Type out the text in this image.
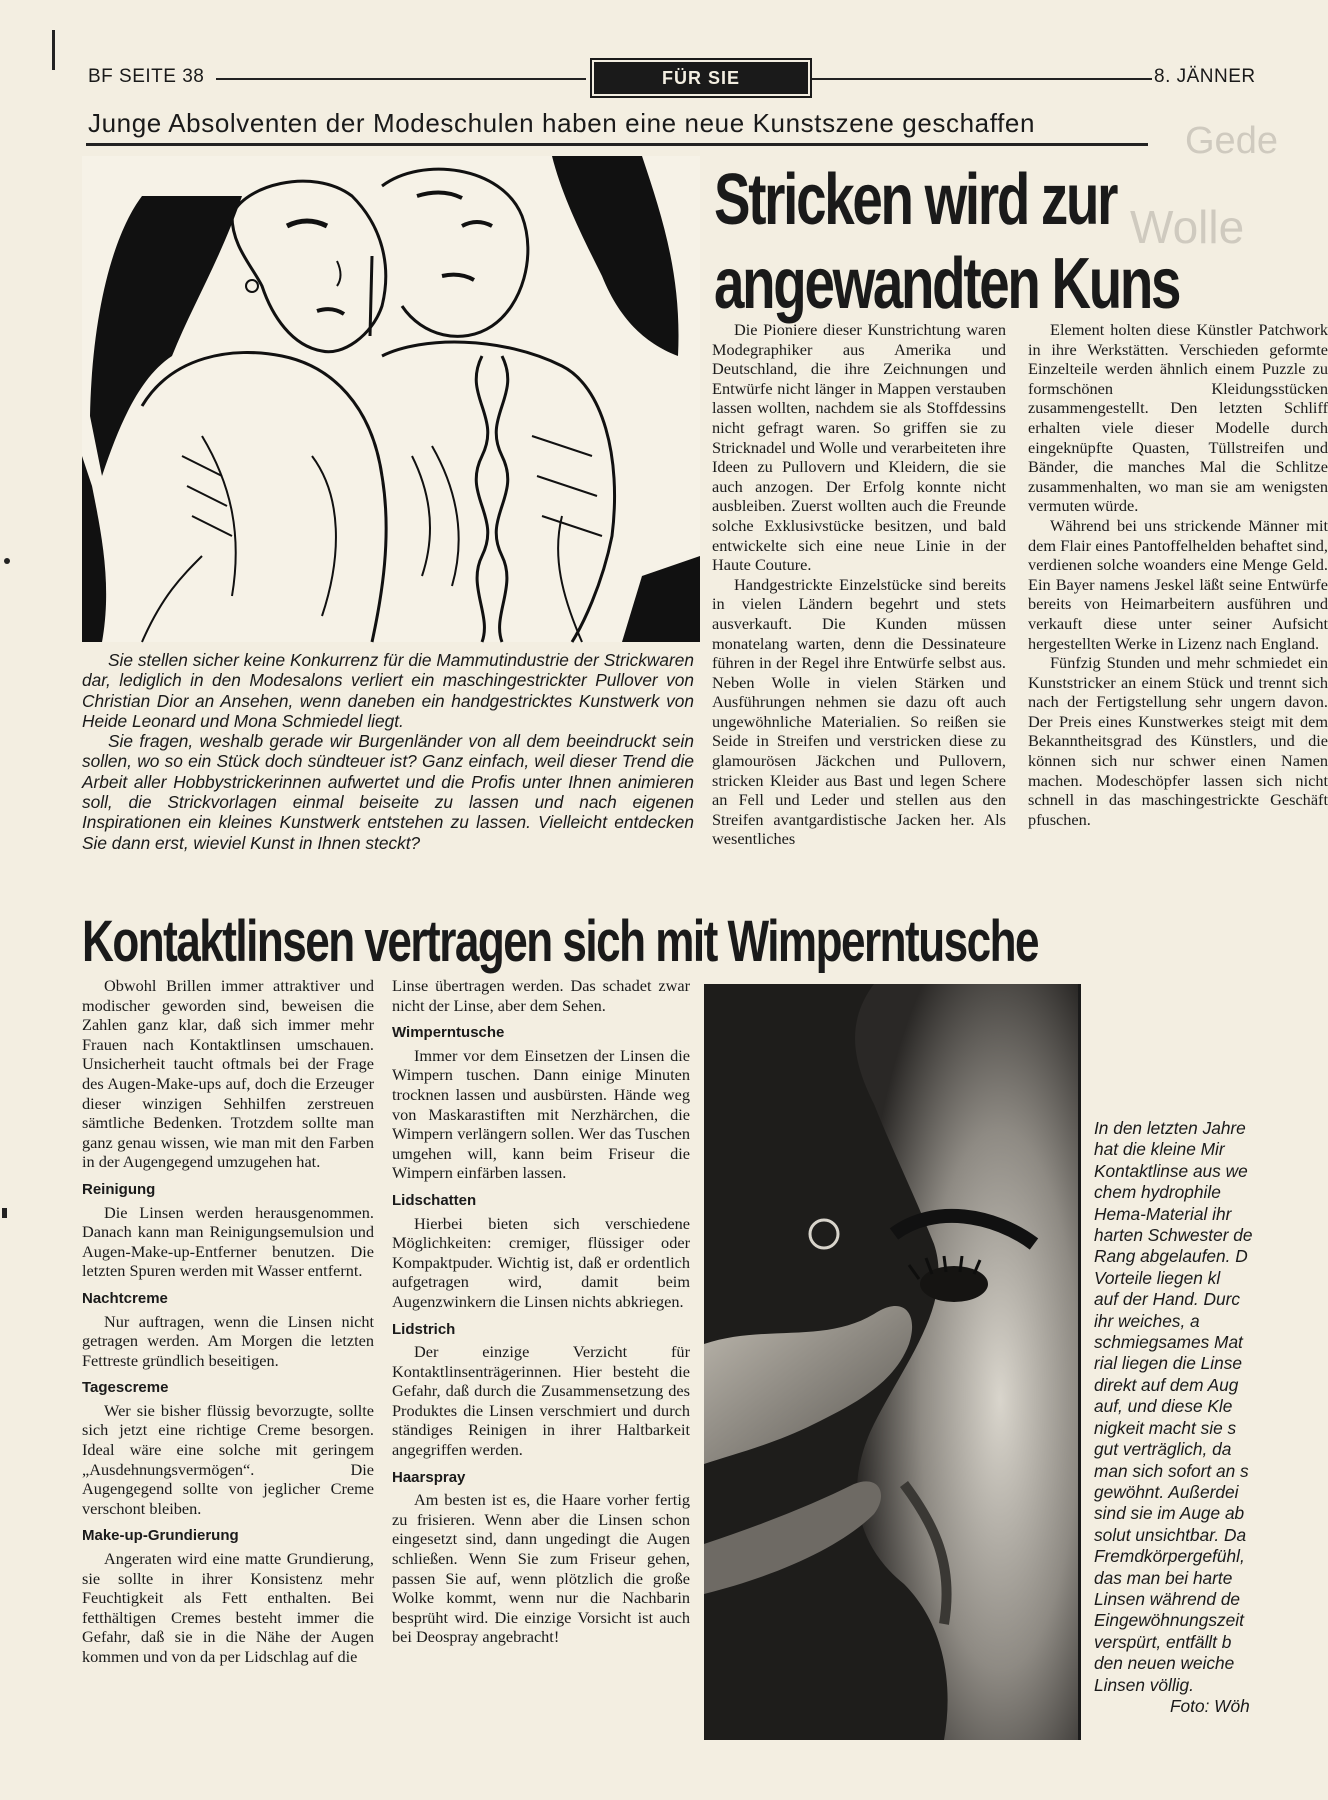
BF SEITE 38	FÜR SIE	8. JÄNNER
Junge Absolventen der Modeschulen haben eine neue Kunstszene geschaffen	Gede
Wolle

Sie stellen sicher keine Konkurrenz für die Mammutindustrie der Strickwaren dar, lediglich in den Modesalons verliert ein maschingestrickter Pullover von Christian Dior an Ansehen, wenn daneben ein handgestricktes Kunstwerk von Heide Leonard und Mona Schmiedel liegt.

Sie fragen, weshalb gerade wir Burgenländer von all dem beeindruckt sein sollen, wo so ein Stück doch sündteuer ist? Ganz einfach, weil dieser Trend die Arbeit aller Hobbystrickerinnen aufwertet und die Profis unter Ihnen animieren soll, die Strickvorlagen einmal beiseite zu lassen und nach eigenen Inspirationen ein kleines Kunstwerk entstehen zu lassen. Vielleicht entdecken Sie dann erst, wieviel Kunst in Ihnen steckt?

Stricken wird zur
angewandten Kuns

Die Pioniere dieser Kunstrichtung waren Modegraphiker aus Amerika und Deutschland, die ihre Zeichnungen und Entwürfe nicht länger in Mappen verstauben lassen wollten, nachdem sie als Stoffdessins nicht gefragt waren. So griffen sie zu Stricknadel und Wolle und verarbeiteten ihre Ideen zu Pullovern und Kleidern, die sie auch anzogen. Der Erfolg konnte nicht ausbleiben. Zuerst wollten auch die Freunde solche Exklusivstücke besitzen, und bald entwickelte sich eine neue Linie in der Haute Couture.

Handgestrickte Einzelstücke sind bereits in vielen Ländern begehrt und stets ausverkauft. Die Kunden müssen monatelang warten, denn die Dessinateure führen in der Regel ihre Entwürfe selbst aus. Neben Wolle in vielen Stärken und Ausführungen nehmen sie dazu oft auch ungewöhnliche Materialien. So reißen sie Seide in Streifen und verstricken diese zu glamourösen Jäckchen und Pullovern, stricken Kleider aus Bast und legen Schere an Fell und Leder und stellen aus den Streifen avantgardistische Jacken her. Als wesentliches

Element holten diese Künstler Patchwork in ihre Werkstätten. Verschieden geformte Einzelteile werden ähnlich einem Puzzle zu formschönen Kleidungsstücken zusammengestellt. Den letzten Schliff erhalten viele dieser Modelle durch eingeknüpfte Quasten, Tüllstreifen und Bänder, die manches Mal die Schlitze zusammenhalten, wo man sie am wenigsten vermuten würde.

Während bei uns strickende Männer mit dem Flair eines Pantoffelhelden behaftet sind, verdienen solche woanders eine Menge Geld. Ein Bayer namens Jeskel läßt seine Entwürfe bereits von Heimarbeitern ausführen und verkauft diese unter seiner Aufsicht hergestellten Werke in Lizenz nach England.

Fünfzig Stunden und mehr schmiedet ein Kunststricker an einem Stück und trennt sich nach der Fertigstellung sehr ungern davon. Der Preis eines Kunstwerkes steigt mit dem Bekanntheitsgrad des Künstlers, und die können sich nur schwer einen Namen machen. Modeschöpfer lassen sich nicht schnell in das maschingestrickte Geschäft pfuschen.

Kontaktlinsen vertragen sich mit Wimperntusche

Obwohl Brillen immer attraktiver und modischer geworden sind, beweisen die Zahlen ganz klar, daß sich immer mehr Frauen nach Kontaktlinsen umschauen. Unsicherheit taucht oftmals bei der Frage des Augen-Make-ups auf, doch die Erzeuger dieser winzigen Sehhilfen zerstreuen sämtliche Bedenken. Trotzdem sollte man ganz genau wissen, wie man mit den Farben in der Augengegend umzugehen hat.

Reinigung

Die Linsen werden herausgenommen. Danach kann man Reinigungsemulsion und Augen-Make-up-Entferner benutzen. Die letzten Spuren werden mit Wasser entfernt.

Nachtcreme

Nur auftragen, wenn die Linsen nicht getragen werden. Am Morgen die letzten Fettreste gründlich beseitigen.

Tagescreme

Wer sie bisher flüssig bevorzugte, sollte sich jetzt eine richtige Creme besorgen. Ideal wäre eine solche mit geringem „Ausdehnungsvermögen“. Die Augengegend sollte von jeglicher Creme verschont bleiben.

Make-up-Grundierung

Angeraten wird eine matte Grundierung, sie sollte in ihrer Konsistenz mehr Feuchtigkeit als Fett enthalten. Bei fetthältigen Cremes besteht immer die Gefahr, daß sie in die Nähe der Augen kommen und von da per Lidschlag auf die

Linse übertragen werden. Das schadet zwar nicht der Linse, aber dem Sehen.

Wimperntusche

Immer vor dem Einsetzen der Linsen die Wimpern tuschen. Dann einige Minuten trocknen lassen und ausbürsten. Hände weg von Maskarastiften mit Nerzhärchen, die Wimpern verlängern sollen. Wer das Tuschen umgehen will, kann beim Friseur die Wimpern einfärben lassen.

Lidschatten

Hierbei bieten sich verschiedene Möglichkeiten: cremiger, flüssiger oder Kompaktpuder. Wichtig ist, daß er ordentlich aufgetragen wird, damit beim Augenzwinkern die Linsen nichts abkriegen.

Lidstrich

Der einzige Verzicht für Kontaktlinsenträgerinnen. Hier besteht die Gefahr, daß durch die Zusammensetzung des Produktes die Linsen verschmiert und durch ständiges Reinigen in ihrer Haltbarkeit angegriffen werden.

Haarspray

Am besten ist es, die Haare vorher fertig zu frisieren. Wenn aber die Linsen schon eingesetzt sind, dann ungedingt die Augen schließen. Wenn Sie zum Friseur gehen, passen Sie auf, wenn plötzlich die große Wolke kommt, wenn nur die Nachbarin besprüht wird. Die einzige Vorsicht ist auch bei Deospray angebracht!

In den letzten Jahre
hat die kleine Mir
Kontaktlinse aus we
chem hydrophile
Hema-Material ihr
harten Schwester de
Rang abgelaufen. D
Vorteile liegen kl
auf der Hand. Durc
ihr weiches, a
schmiegsames Mat
rial liegen die Linse
direkt auf dem Aug
auf, und diese Kle
nigkeit macht sie s
gut verträglich, da
man sich sofort an s
gewöhnt. Außerdei
sind sie im Auge ab
solut unsichtbar. Da
Fremdkörpergefühl,
das man bei harte
Linsen während de
Eingewöhnungszeit
verspürt, entfällt b
den neuen weiche
Linsen völlig.
Foto: Wöh
